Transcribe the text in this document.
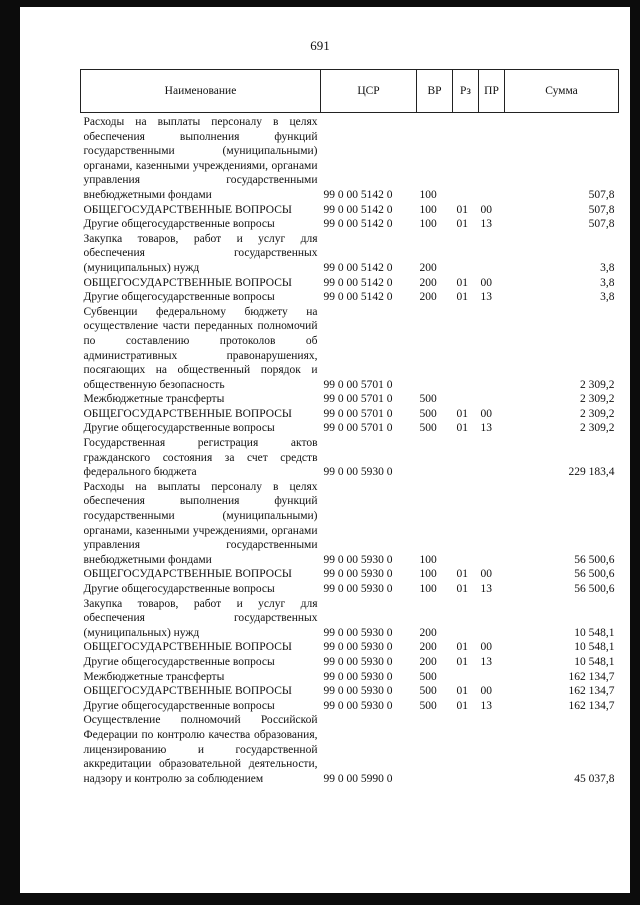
691
Наименование	ЦСР	ВР	Рз	ПР	Сумма
Расходы на выплаты персоналу в целях обеспечения выполнения функций государственными (муниципальными) органами, казенными учреждениями, органами управления государственными внебюджетными фондами	99 0 00 5142 0	100			507,8
ОБЩЕГОСУДАРСТВЕННЫЕ ВОПРОСЫ	99 0 00 5142 0	100	01	00	507,8
Другие общегосударственные вопросы	99 0 00 5142 0	100	01	13	507,8
Закупка товаров, работ и услуг для обеспечения государственных (муниципальных) нужд	99 0 00 5142 0	200			3,8
ОБЩЕГОСУДАРСТВЕННЫЕ ВОПРОСЫ	99 0 00 5142 0	200	01	00	3,8
Другие общегосударственные вопросы	99 0 00 5142 0	200	01	13	3,8
Субвенции федеральному бюджету на осуществление части переданных полномочий по составлению протоколов об административных правонарушениях, посягающих на общественный порядок и общественную безопасность	99 0 00 5701 0				2 309,2
Межбюджетные трансферты	99 0 00 5701 0	500			2 309,2
ОБЩЕГОСУДАРСТВЕННЫЕ ВОПРОСЫ	99 0 00 5701 0	500	01	00	2 309,2
Другие общегосударственные вопросы	99 0 00 5701 0	500	01	13	2 309,2
Государственная регистрация актов гражданского состояния за счет средств федерального бюджета	99 0 00 5930 0				229 183,4
Расходы на выплаты персоналу в целях обеспечения выполнения функций государственными (муниципальными) органами, казенными учреждениями, органами управления государственными внебюджетными фондами	99 0 00 5930 0	100			56 500,6
ОБЩЕГОСУДАРСТВЕННЫЕ ВОПРОСЫ	99 0 00 5930 0	100	01	00	56 500,6
Другие общегосударственные вопросы	99 0 00 5930 0	100	01	13	56 500,6
Закупка товаров, работ и услуг для обеспечения государственных (муниципальных) нужд	99 0 00 5930 0	200			10 548,1
ОБЩЕГОСУДАРСТВЕННЫЕ ВОПРОСЫ	99 0 00 5930 0	200	01	00	10 548,1
Другие общегосударственные вопросы	99 0 00 5930 0	200	01	13	10 548,1
Межбюджетные трансферты	99 0 00 5930 0	500			162 134,7
ОБЩЕГОСУДАРСТВЕННЫЕ ВОПРОСЫ	99 0 00 5930 0	500	01	00	162 134,7
Другие общегосударственные вопросы	99 0 00 5930 0	500	01	13	162 134,7
Осуществление полномочий Российской Федерации по контролю качества образования, лицензированию и государственной аккредитации образовательной деятельности, надзору и контролю за соблюдением	99 0 00 5990 0				45 037,8
